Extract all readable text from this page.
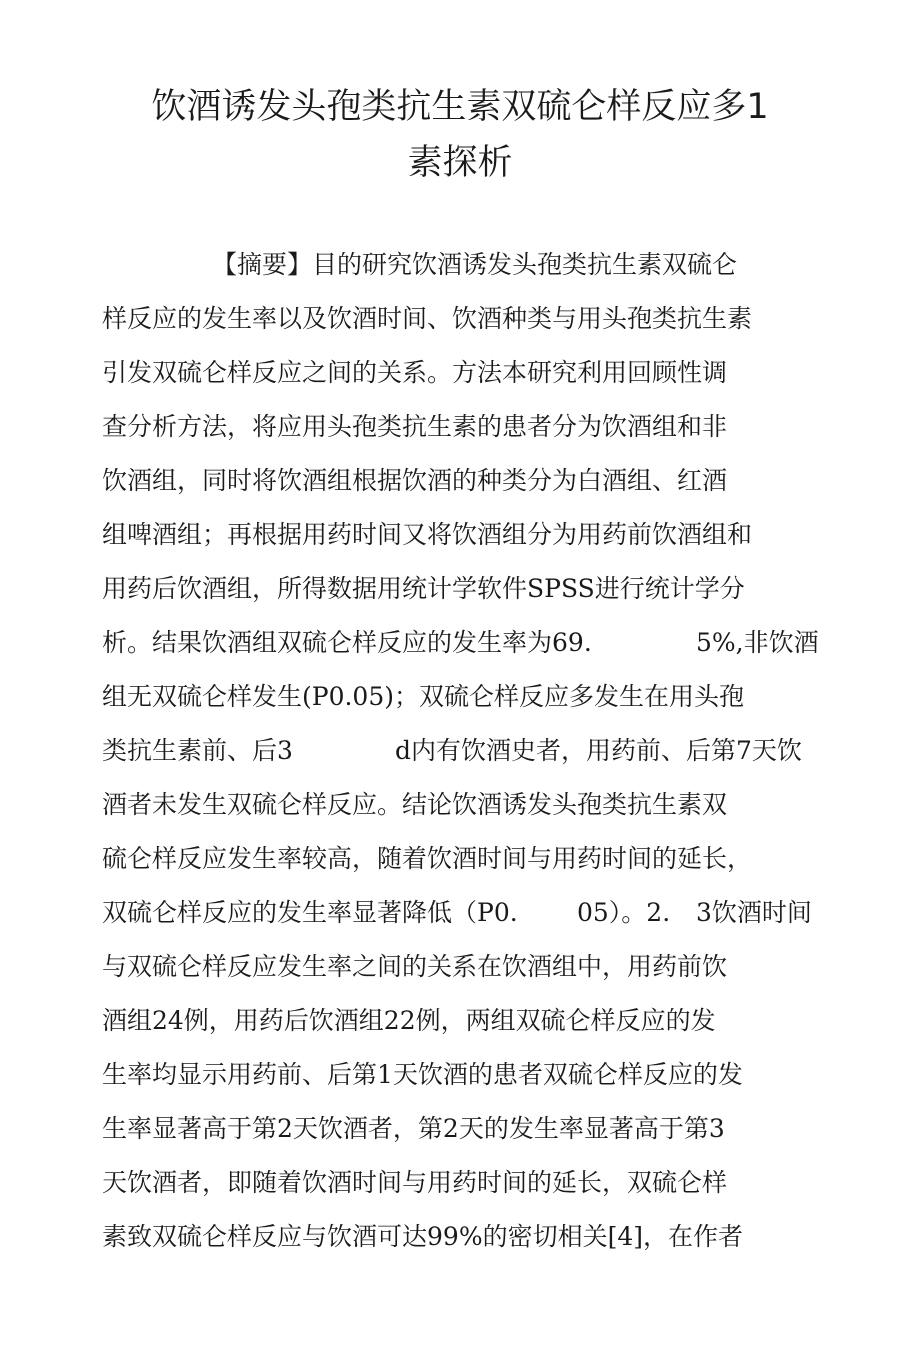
饮酒诱发头孢类抗生素双硫仑样反应多1
素探析
【摘要】目的研究饮酒诱发头孢类抗生素双硫仑
样反应的发生率以及饮酒时间、饮酒种类与用头孢类抗生素
引发双硫仑样反应之间的关系。方法本研究利用回顾性调
查分析方法，将应用头孢类抗生素的患者分为饮酒组和非
饮酒组，同时将饮酒组根据饮酒的种类分为白酒组、红酒
组啤酒组；再根据用药时间又将饮酒组分为用药前饮酒组和
用药后饮酒组，所得数据用统计学软件SPSS进行统计学分
析。结果饮酒组双硫仑样反应的发生率为69.	5%,非饮酒
组无双硫仑样发生(P0.05)；双硫仑样反应多发生在用头孢
类抗生素前、后3	d内有饮酒史者，用药前、后第7天饮
酒者未发生双硫仑样反应。结论饮酒诱发头孢类抗生素双
硫仑样反应发生率较高，随着饮酒时间与用药时间的延长，
双硫仑样反应的发生率显著降低（P0. 05）。2. 3饮酒时间
与双硫仑样反应发生率之间的关系在饮酒组中，用药前饮
酒组24例，用药后饮酒组22例，两组双硫仑样反应的发
生率均显示用药前、后第1天饮酒的患者双硫仑样反应的发
生率显著高于第2天饮酒者，第2天的发生率显著高于第3
天饮酒者，即随着饮酒时间与用药时间的延长，双硫仑样
素致双硫仑样反应与饮酒可达99%的密切相关[4]，在作者
